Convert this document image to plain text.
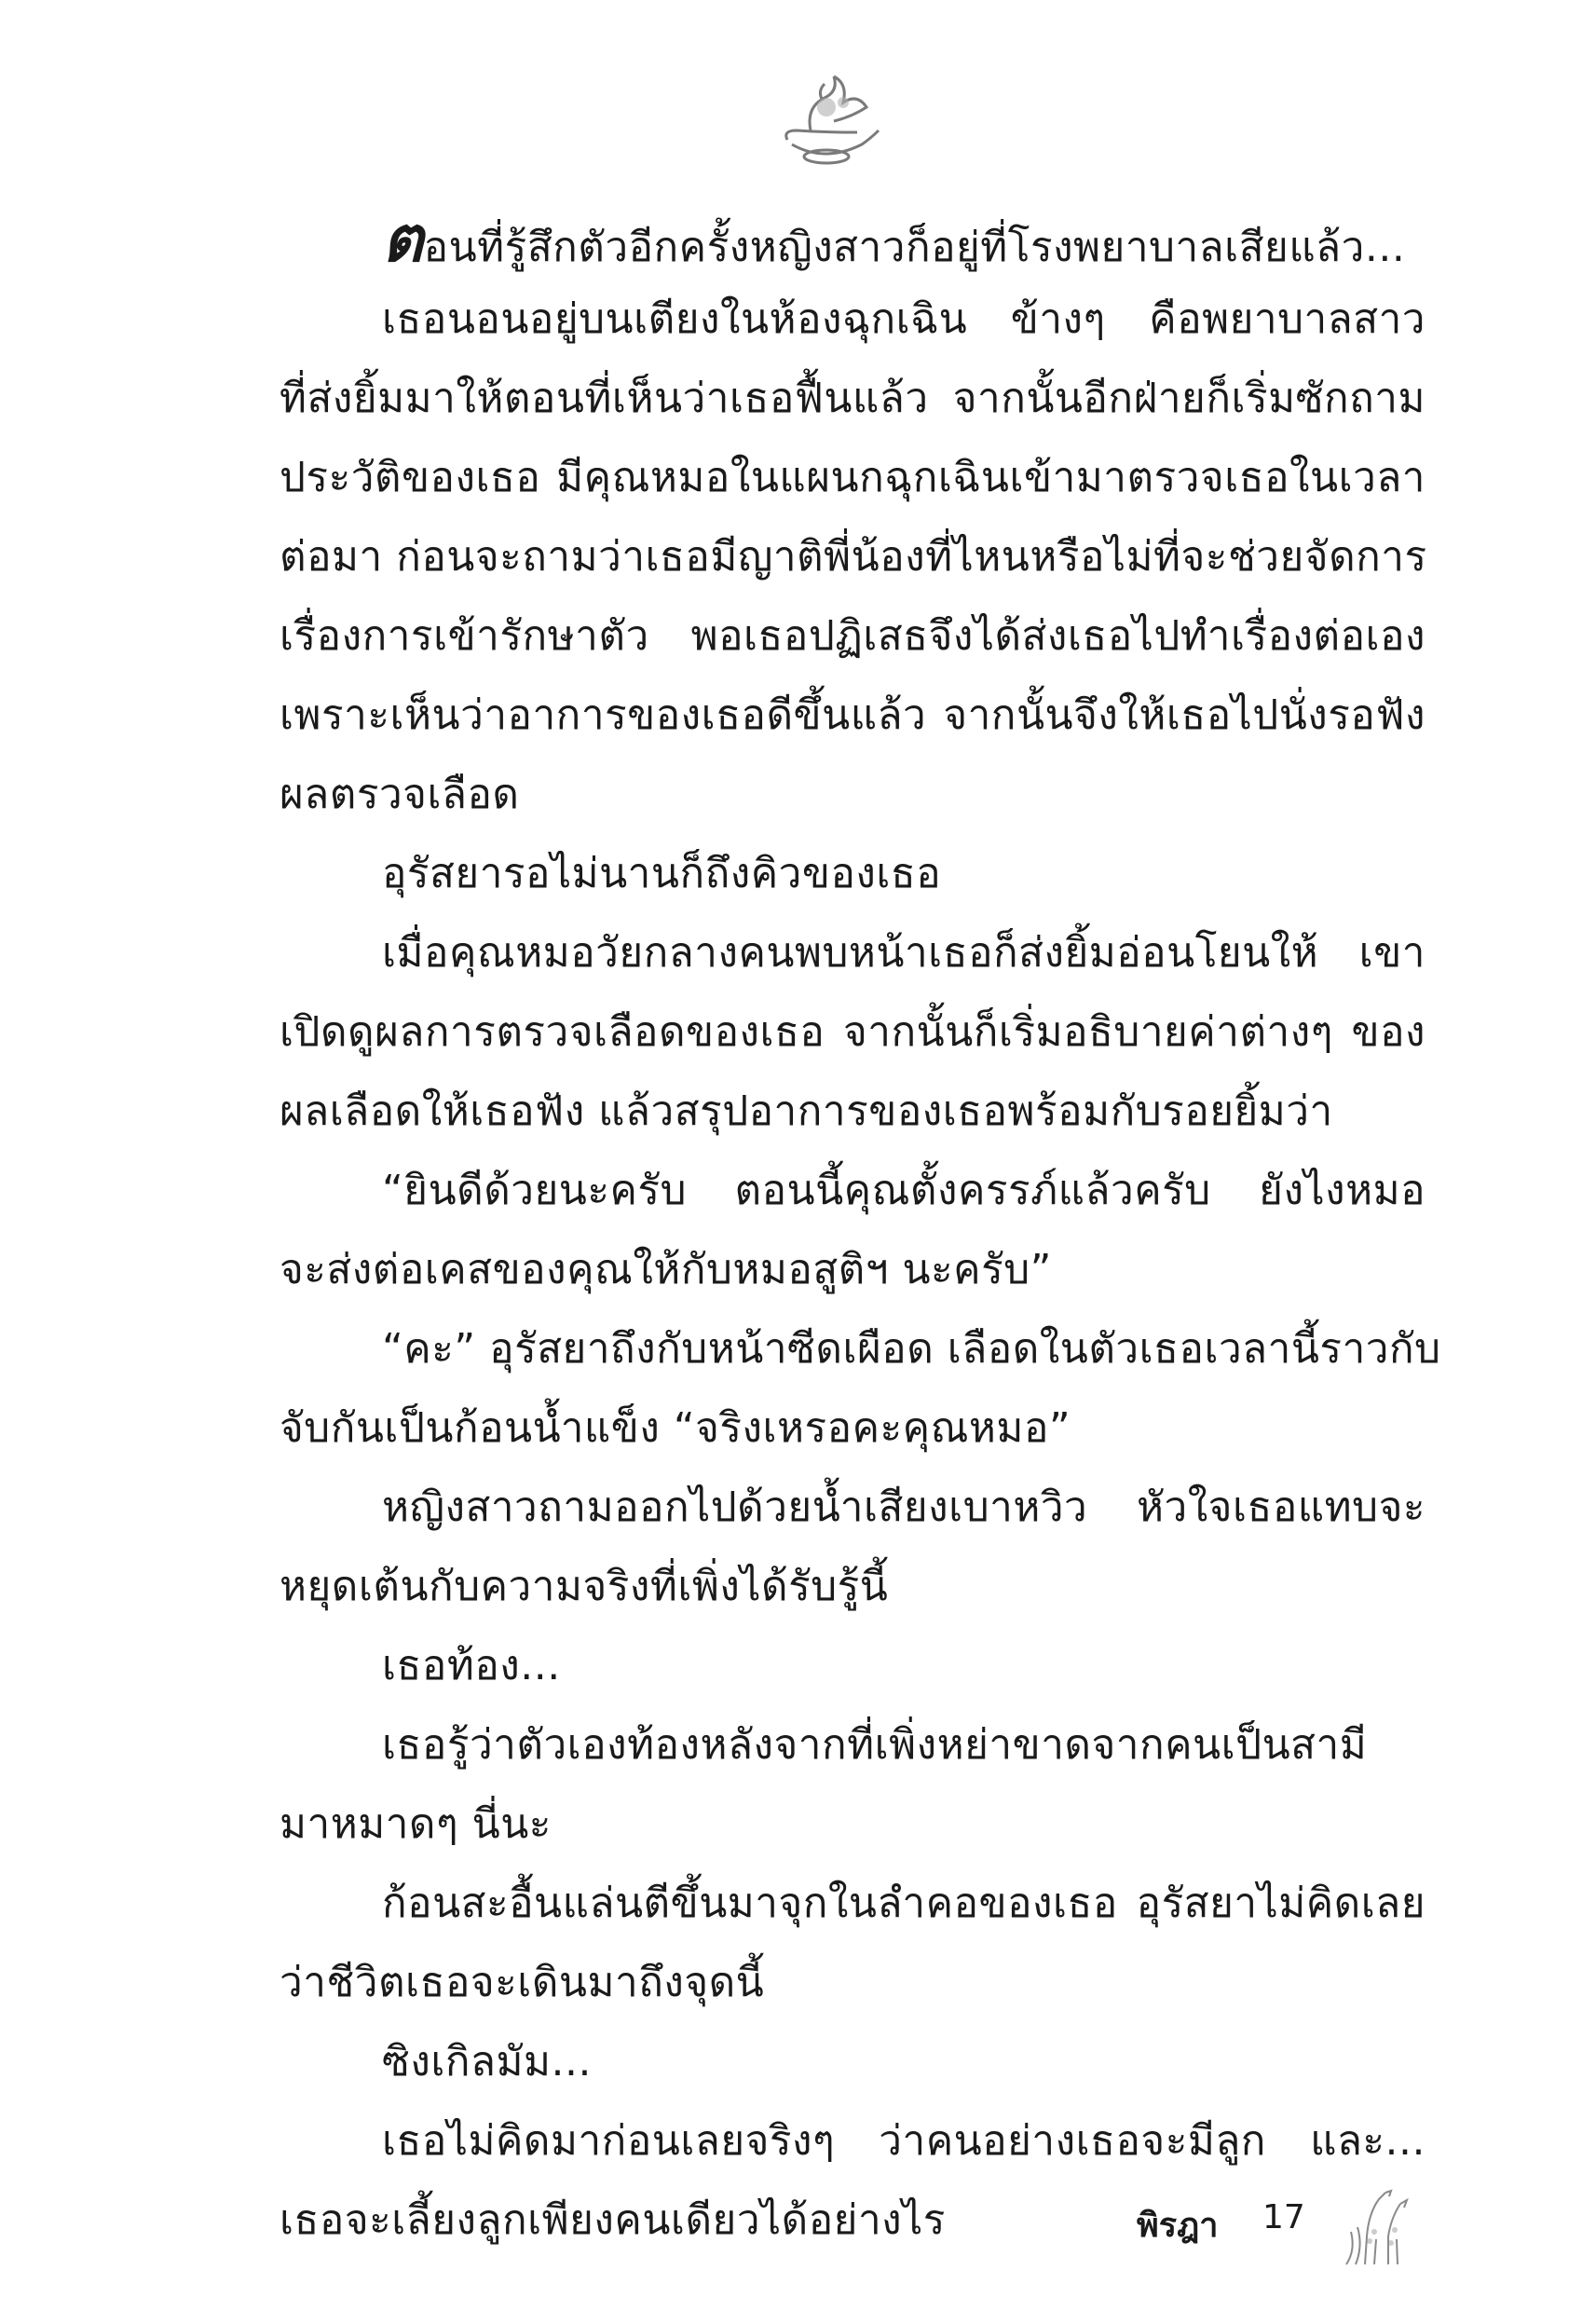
ตอนที่รู้สึกตัวอีกครั้งหญิงสาวก็อยู่ที่โรงพยาบาลเสียแล้ว...
เธอนอนอยู่บนเตียงในห้องฉุกเฉิน ข้างๆ คือพยาบาลสาว
ที่ส่งยิ้มมาให้ตอนที่เห็นว่าเธอฟื้นแล้ว จากนั้นอีกฝ่ายก็เริ่มซักถาม
ประวัติของเธอ มีคุณหมอในแผนกฉุกเฉินเข้ามาตรวจเธอในเวลา
ต่อมา ก่อนจะถามว่าเธอมีญาติพี่น้องที่ไหนหรือไม่ที่จะช่วยจัดการ
เรื่องการเข้ารักษาตัว พอเธอปฏิเสธจึงได้ส่งเธอไปทำเรื่องต่อเอง
เพราะเห็นว่าอาการของเธอดีขึ้นแล้ว จากนั้นจึงให้เธอไปนั่งรอฟัง
ผลตรวจเลือด
อุรัสยารอไม่นานก็ถึงคิวของเธอ
เมื่อคุณหมอวัยกลางคนพบหน้าเธอก็ส่งยิ้มอ่อนโยนให้ เขา
เปิดดูผลการตรวจเลือดของเธอ จากนั้นก็เริ่มอธิบายค่าต่างๆ ของ
ผลเลือดให้เธอฟัง แล้วสรุปอาการของเธอพร้อมกับรอยยิ้มว่า
“ยินดีด้วยนะครับ ตอนนี้คุณตั้งครรภ์แล้วครับ ยังไงหมอ
จะส่งต่อเคสของคุณให้กับหมอสูติฯ นะครับ”
“คะ” อุรัสยาถึงกับหน้าซีดเผือด เลือดในตัวเธอเวลานี้ราวกับ
จับกันเป็นก้อนน้ำแข็ง “จริงเหรอคะคุณหมอ”
หญิงสาวถามออกไปด้วยน้ำเสียงเบาหวิว หัวใจเธอแทบจะ
หยุดเต้นกับความจริงที่เพิ่งได้รับรู้นี้
เธอท้อง...
เธอรู้ว่าตัวเองท้องหลังจากที่เพิ่งหย่าขาดจากคนเป็นสามี
มาหมาดๆ นี่นะ
ก้อนสะอื้นแล่นตีขึ้นมาจุกในลำคอของเธอ อุรัสยาไม่คิดเลย
ว่าชีวิตเธอจะเดินมาถึงจุดนี้
ซิงเกิลมัม...
เธอไม่คิดมาก่อนเลยจริงๆ ว่าคนอย่างเธอจะมีลูก และ...
เธอจะเลี้ยงลูกเพียงคนเดียวได้อย่างไร	พิรฎา 17
